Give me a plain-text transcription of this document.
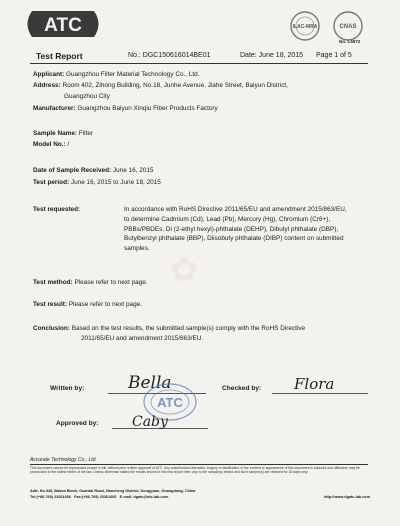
ATC	ILAC-MRA	CNAS
No. L4672
Test Report	No.: DGC150616014BE01	Date: June 18, 2015 Page 1 of 5
Applicant: Guangzhou Filter Material Technology Co., Ltd.
Address: Room 402, Zihong Building, No.18, Junhe Avenue, Jiahe Street, Baiyun District,
Guangzhou City
Manufacturer: Guangzhou Baiyun Xinqiu Fiber Products Factory
Sample Name: Filter
Model No.: /
Date of Sample Received: June 16, 2015
Test period: June 16, 2015 to June 18, 2015
Test requested:	In accordance with RoHS Directive 2011/65/EU and amendment 2015/863/EU,
to determine Cadmium (Cd), Lead (Pb), Mercury (Hg), Chromium (Cr6+),
PBBs/PBDEs, Di (2-ethyl hexyl)-phthalate (DEHP), Dibutyl phthalate (DBP),
Butylbenzyl phthalate (BBP), Diisobuty phthalate (DIBP) content on submitted
samples.
✿
Test method: Please refer to next page.
Test result: Please refer to next page.
Conclusion: Based on the test results, the submitted sample(s) comply with the RoHS Directive
2011/65/EU and amendment 2015/863/EU.
Written by:	Bella	Checked by: Flora
ATC
Approved by: Caby
Accurate Technology Co., Ltd.
This document cannot be reproduced except in full, without prior written approval of ATC. Any unauthorized alteration, forgery or falsification of the content or appearance of this document is unlawful and offenders may be prosecuted to the fullest extent of the law. Unless otherwise stated the results shown in this test report refer only to the sample(s) tested and such sample(s) are retained for 30 days only.
Add: No.345, Baima Block, Guantai Road, Nancheng District, Dongguan, Guangdong, China
Tel:(+86-769) 23201666 Fax:(+86-769) 23301600 E-mail: dgatc@atc-lab.com	http://www.dgatc-lab.com
